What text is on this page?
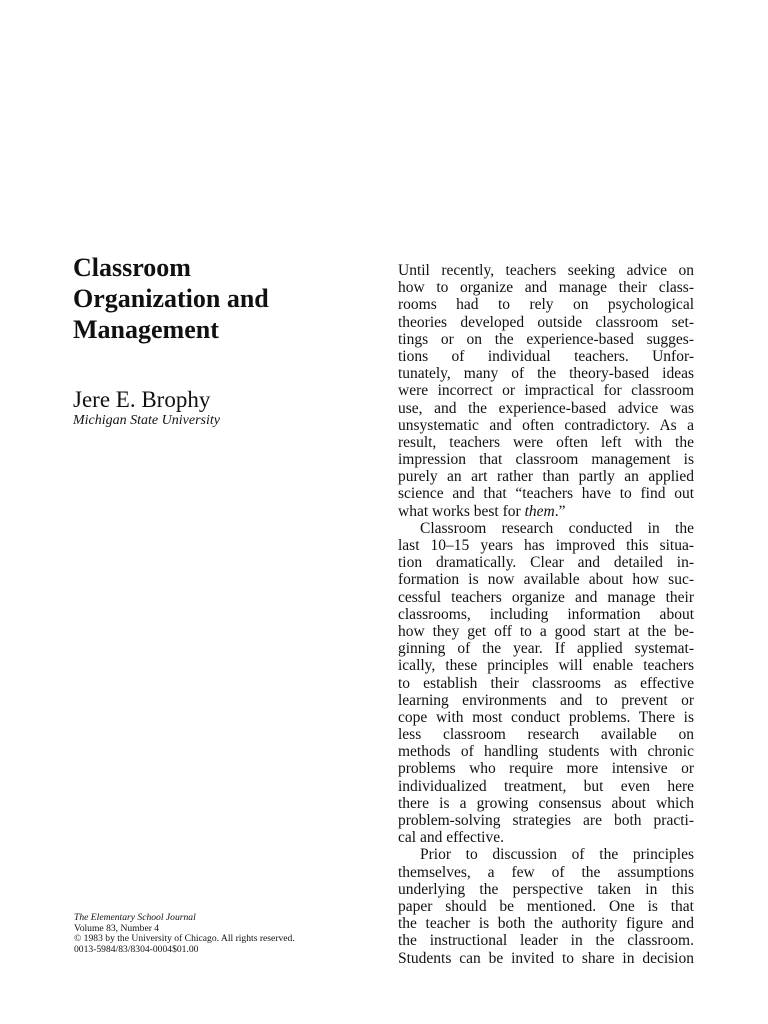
Classroom
Organization and
Management
Jere E. Brophy
Michigan State University
The Elementary School Journal
Volume 83, Number 4
© 1983 by the University of Chicago. All rights reserved.
0013-5984/83/8304-0004$01.00
Until recently, teachers seeking advice on
how to organize and manage their class-
rooms had to rely on psychological
theories developed outside classroom set-
tings or on the experience-based sugges-
tions of individual teachers. Unfor-
tunately, many of the theory-based ideas
were incorrect or impractical for classroom
use, and the experience-based advice was
unsystematic and often contradictory. As a
result, teachers were often left with the
impression that classroom management is
purely an art rather than partly an applied
science and that “teachers have to find out
what works best for them.”
Classroom research conducted in the
last 10–15 years has improved this situa-
tion dramatically. Clear and detailed in-
formation is now available about how suc-
cessful teachers organize and manage their
classrooms, including information about
how they get off to a good start at the be-
ginning of the year. If applied systemat-
ically, these principles will enable teachers
to establish their classrooms as effective
learning environments and to prevent or
cope with most conduct problems. There is
less classroom research available on
methods of handling students with chronic
problems who require more intensive or
individualized treatment, but even here
there is a growing consensus about which
problem-solving strategies are both practi-
cal and effective.
Prior to discussion of the principles
themselves, a few of the assumptions
underlying the perspective taken in this
paper should be mentioned. One is that
the teacher is both the authority figure and
the instructional leader in the classroom.
Students can be invited to share in decision
